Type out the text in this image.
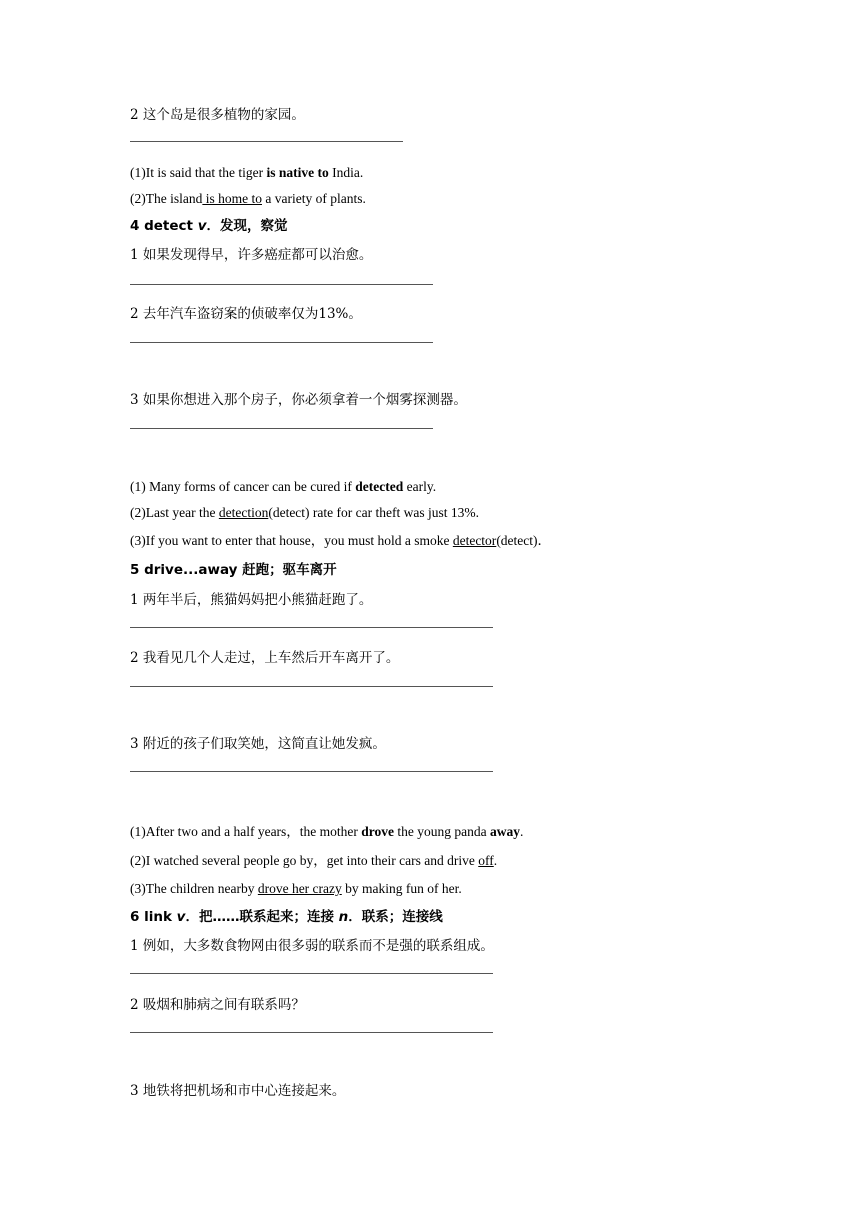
2 这个岛是很多植物的家园。
(1)It is said that the tiger is native to India.
(2)The island is home to a variety of plants.
4 detect v．发现，察觉
1 如果发现得早，许多癌症都可以治愈。
2 去年汽车盗窃案的侦破率仅为13%。
3 如果你想进入那个房子，你必须拿着一个烟雾探测器。
(1) Many forms of cancer can be cured if detected early.
(2)Last year the detection(detect) rate for car theft was just 13%.
(3)If you want to enter that house，you must hold a smoke detector(detect)．
5 drive...away 赶跑；驱车离开
1 两年半后，熊猫妈妈把小熊猫赶跑了。
2 我看见几个人走过，上车然后开车离开了。
3 附近的孩子们取笑她，这简直让她发疯。
(1)After two and a half years，the mother drove the young panda away.
(2)I watched several people go by，get into their cars and drive off.
(3)The children nearby drove her crazy by making fun of her.
6 link v．把……联系起来；连接 n．联系；连接线
1 例如，大多数食物网由很多弱的联系而不是强的联系组成。
2 吸烟和肺病之间有联系吗？
3 地铁将把机场和市中心连接起来。
